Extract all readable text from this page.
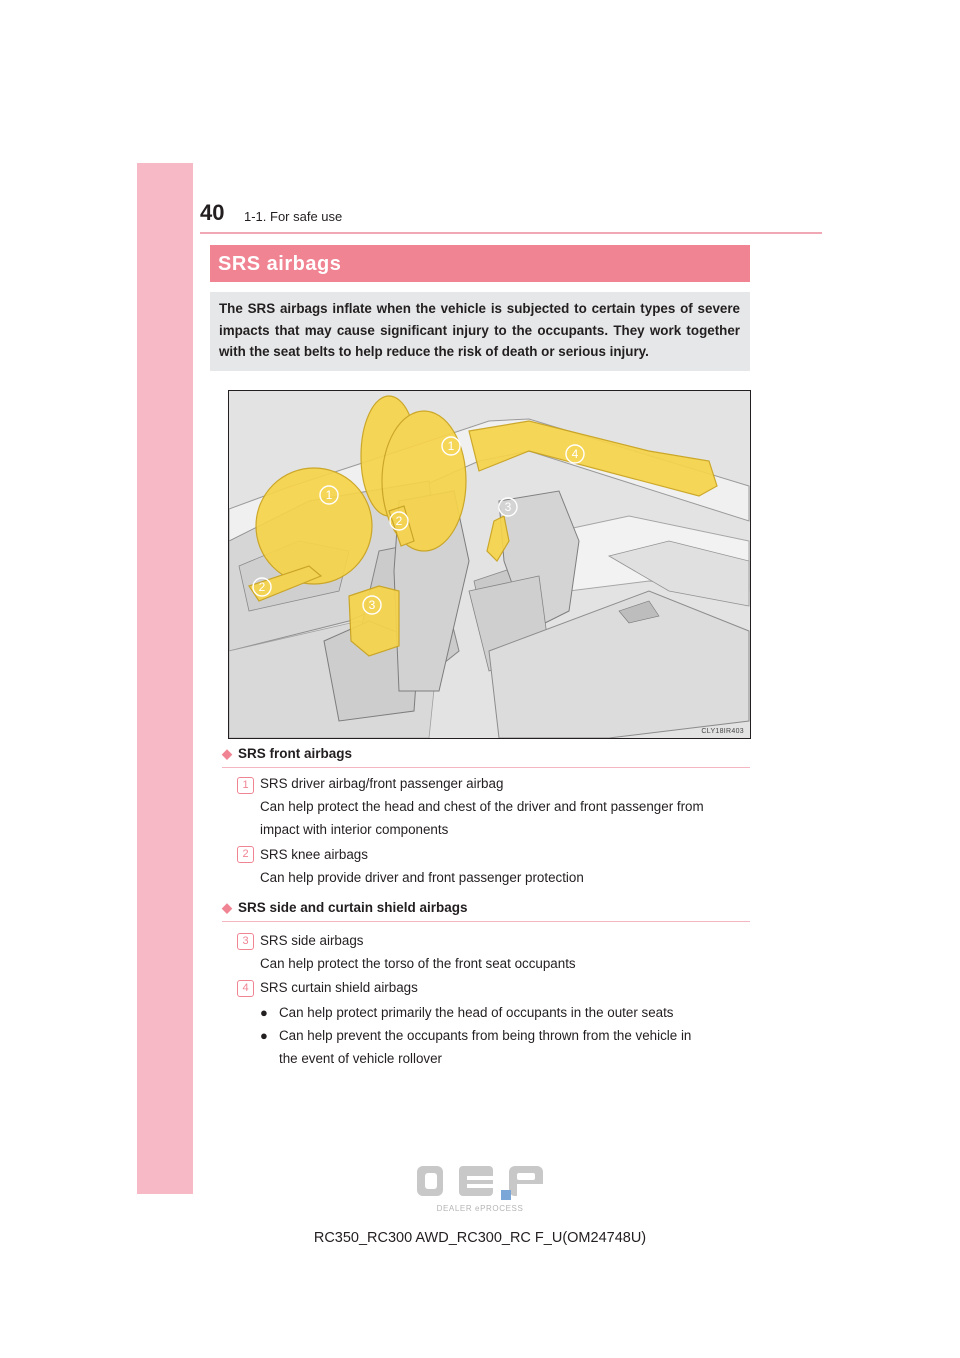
40 1-1. For safe use
SRS airbags

The SRS airbags inflate when the vehicle is subjected to certain types of severe impacts that may cause significant injury to the occupants. They work together with the seat belts to help reduce the risk of death or serious injury.

1
1
2
2
3
3
4
CLY18IR403
◆ SRS front airbags
1 SRS driver airbag/front passenger airbag
Can help protect the head and chest of the driver and front passenger from
impact with interior components
2 SRS knee airbags
Can help provide driver and front passenger protection
◆ SRS side and curtain shield airbags
3 SRS side airbags
Can help protect the torso of the front seat occupants
4 SRS curtain shield airbags
● Can help protect primarily the head of occupants in the outer seats
● Can help prevent the occupants from being thrown from the vehicle in
the event of vehicle rollover
DEALER ePROCESS
RC350_RC300 AWD_RC300_RC F_U(OM24748U)
